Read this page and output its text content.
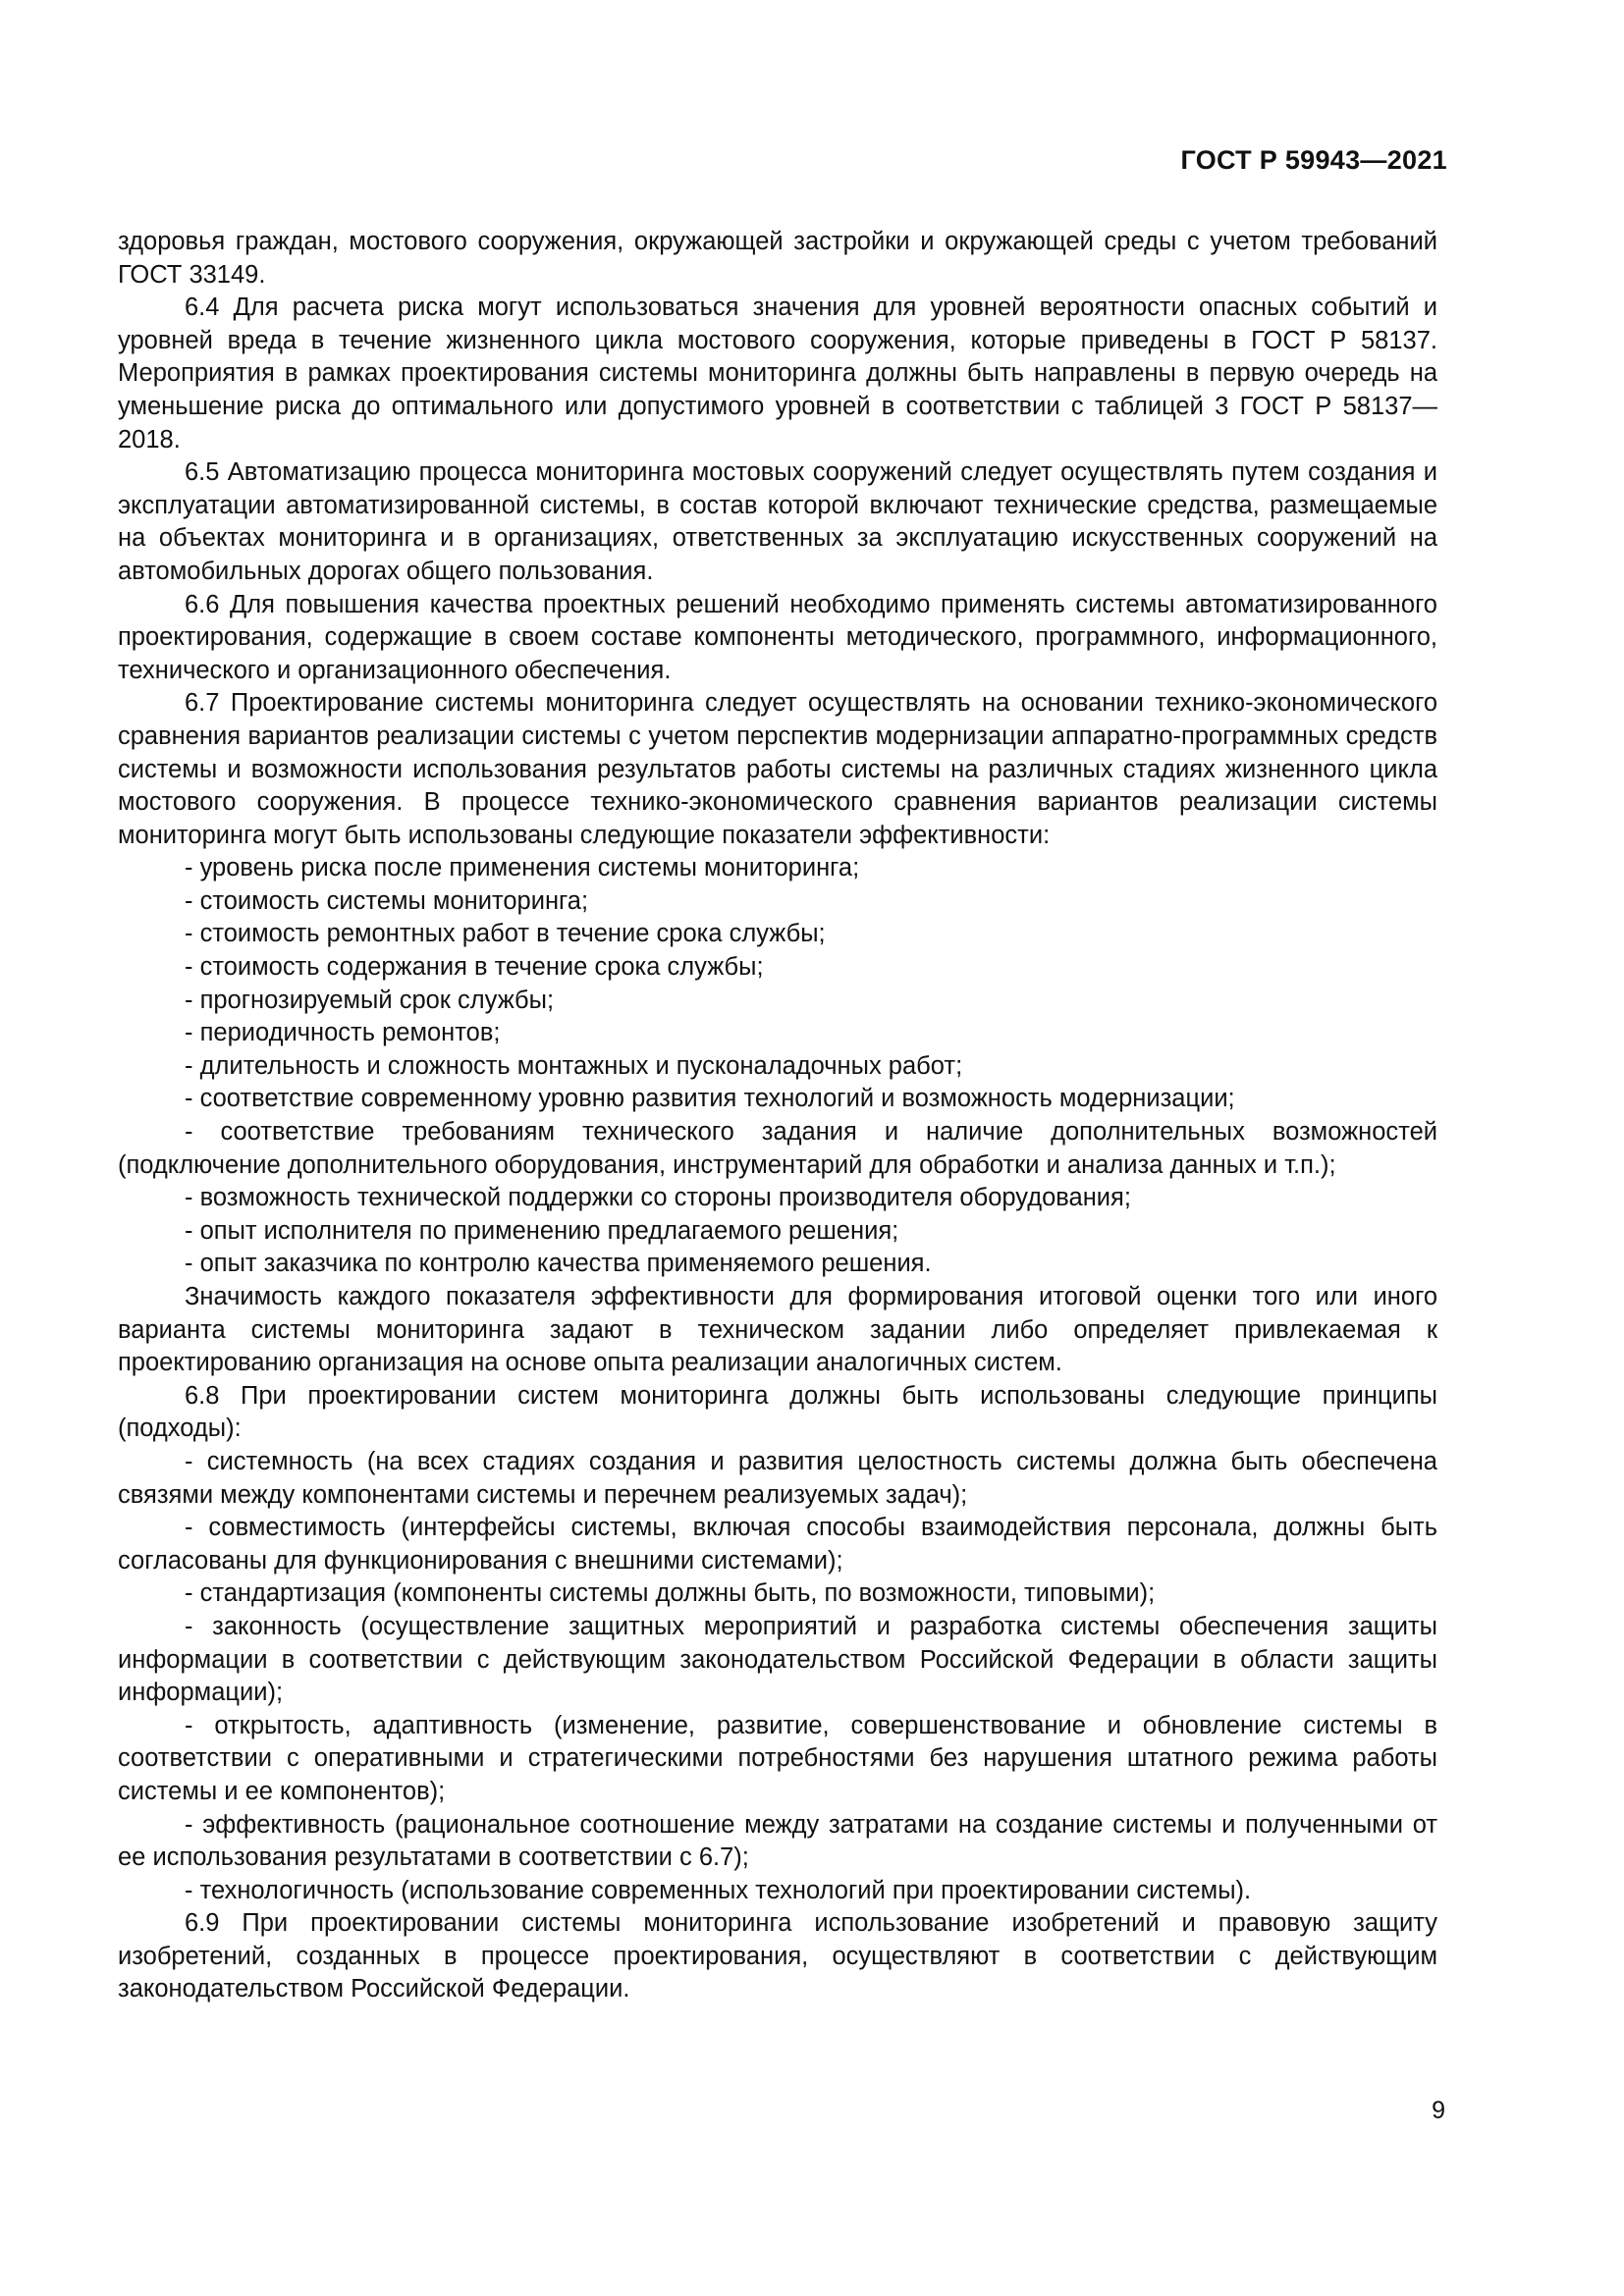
ГОСТ Р 59943—2021

здоровья граждан, мостового сооружения, окружающей застройки и окружающей среды с учетом требований ГОСТ 33149.

6.4 Для расчета риска могут использоваться значения для уровней вероятности опасных событий и уровней вреда в течение жизненного цикла мостового сооружения, которые приведены в ГОСТ Р 58137. Мероприятия в рамках проектирования системы мониторинга должны быть направлены в первую очередь на уменьшение риска до оптимального или допустимого уровней в соответствии с таблицей 3 ГОСТ Р 58137—2018.

6.5 Автоматизацию процесса мониторинга мостовых сооружений следует осуществлять путем создания и эксплуатации автоматизированной системы, в состав которой включают технические средства, размещаемые на объектах мониторинга и в организациях, ответственных за эксплуатацию искусственных сооружений на автомобильных дорогах общего пользования.

6.6 Для повышения качества проектных решений необходимо применять системы автоматизированного проектирования, содержащие в своем составе компоненты методического, программного, информационного, технического и организационного обеспечения.

6.7 Проектирование системы мониторинга следует осуществлять на основании технико-экономического сравнения вариантов реализации системы с учетом перспектив модернизации аппаратно-программных средств системы и возможности использования результатов работы системы на различных стадиях жизненного цикла мостового сооружения. В процессе технико-экономического сравнения вариантов реализации системы мониторинга могут быть использованы следующие показатели эффективности:

- уровень риска после применения системы мониторинга;

- стоимость системы мониторинга;

- стоимость ремонтных работ в течение срока службы;

- стоимость содержания в течение срока службы;

- прогнозируемый срок службы;

- периодичность ремонтов;

- длительность и сложность монтажных и пусконаладочных работ;

- соответствие современному уровню развития технологий и возможность модернизации;

- соответствие требованиям технического задания и наличие дополнительных возможностей (подключение дополнительного оборудования, инструментарий для обработки и анализа данных и т.п.);

- возможность технической поддержки со стороны производителя оборудования;

- опыт исполнителя по применению предлагаемого решения;

- опыт заказчика по контролю качества применяемого решения.

Значимость каждого показателя эффективности для формирования итоговой оценки того или иного варианта системы мониторинга задают в техническом задании либо определяет привлекаемая к проектированию организация на основе опыта реализации аналогичных систем.

6.8 При проектировании систем мониторинга должны быть использованы следующие принципы (подходы):

- системность (на всех стадиях создания и развития целостность системы должна быть обеспечена связями между компонентами системы и перечнем реализуемых задач);

- совместимость (интерфейсы системы, включая способы взаимодействия персонала, должны быть согласованы для функционирования с внешними системами);

- стандартизация (компоненты системы должны быть, по возможности, типовыми);

- законность (осуществление защитных мероприятий и разработка системы обеспечения защиты информации в соответствии с действующим законодательством Российской Федерации в области защиты информации);

- открытость, адаптивность (изменение, развитие, совершенствование и обновление системы в соответствии с оперативными и стратегическими потребностями без нарушения штатного режима работы системы и ее компонентов);

- эффективность (рациональное соотношение между затратами на создание системы и полученными от ее использования результатами в соответствии с 6.7);

- технологичность (использование современных технологий при проектировании системы).

6.9 При проектировании системы мониторинга использование изобретений и правовую защиту изобретений, созданных в процессе проектирования, осуществляют в соответствии с действующим законодательством Российской Федерации.

9
